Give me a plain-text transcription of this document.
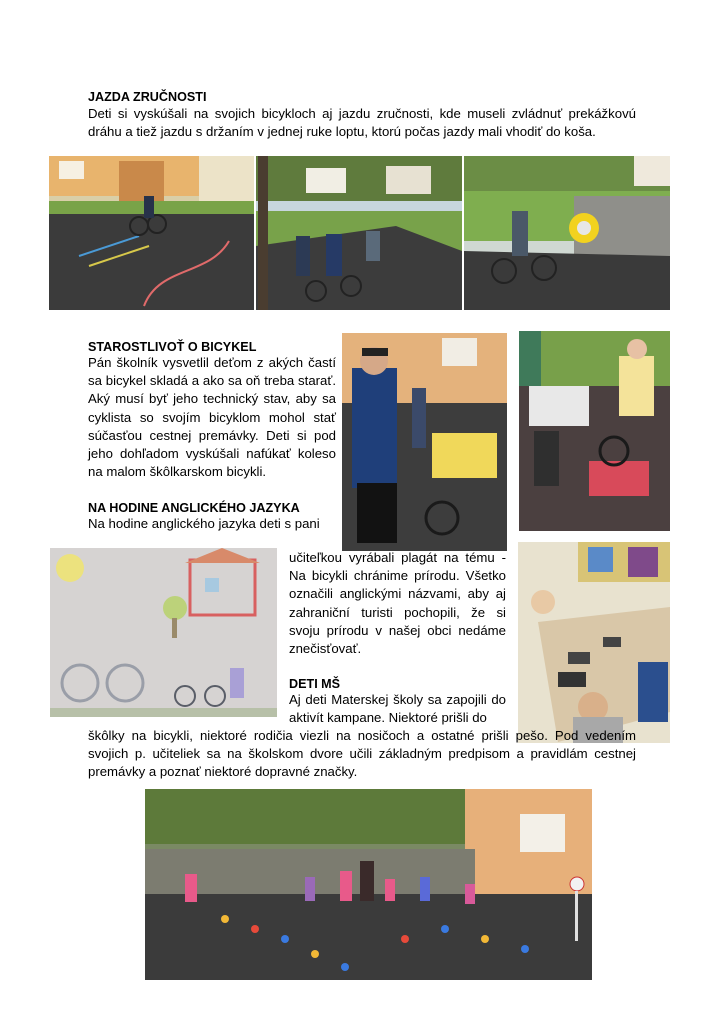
JAZDA ZRUČNOSTI
Deti si vyskúšali na svojich bicykloch aj jazdu zručnosti, kde museli zvládnuť prekážkovú dráhu a tiež jazdu s držaním v jednej ruke loptu, ktorú počas jazdy mali vhodiť do koša.
STAROSTLIVOŤ O BICYKEL
Pán školník vysvetlil deťom z akých častí sa bicykel skladá a ako sa oň treba starať. Aký musí byť jeho technický stav, aby sa cyklista so svojím bicyklom mohol stať súčasťou cestnej premávky. Deti si pod jeho dohľadom vyskúšali nafúkať koleso na malom škôlkarskom bicykli.
NA HODINE ANGLICKÉHO JAZYKA
Na hodine anglického jazyka deti s pani
učiteľkou vyrábali plagát na tému - Na bicykli chránime prírodu. Všetko označili anglickými názvami, aby aj zahraniční turisti pochopili, že si svoju prírodu v našej obci nedáme znečisťovať.
DETI MŠ
Aj deti Materskej školy sa zapojili do aktivít kampane. Niektoré prišli do
škôlky na bicykli, niektoré rodičia viezli na nosičoch a ostatné prišli pešo. Pod vedením svojich p. učiteliek sa na školskom dvore učili základným predpisom a pravidlám cestnej premávky a poznať niektoré dopravné značky.
